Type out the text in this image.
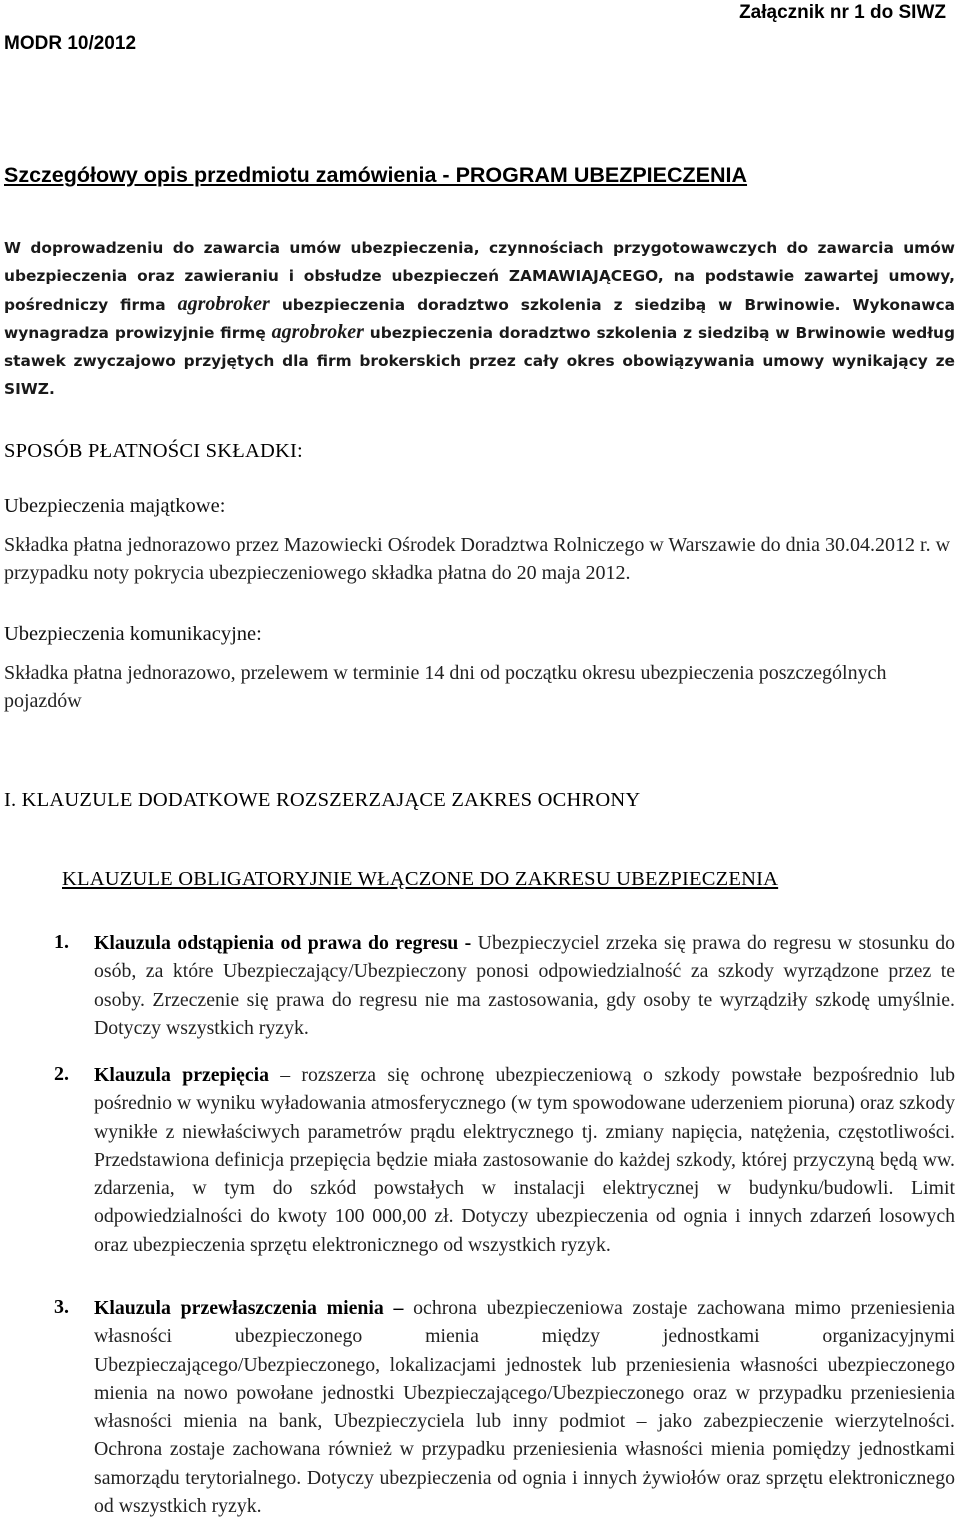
MODR 10/2012
Załącznik nr 1 do SIWZ
Szczegółowy opis przedmiotu zamówienia - PROGRAM UBEZPIECZENIA
W doprowadzeniu do zawarcia umów ubezpieczenia, czynnościach przygotowawczych do zawarcia umów ubezpieczenia oraz zawieraniu i obsłudze ubezpieczeń ZAMAWIAJĄCEGO, na podstawie zawartej umowy, pośredniczy firma agrobroker ubezpieczenia doradztwo szkolenia z siedzibą w Brwinowie. Wykonawca wynagradza prowizyjnie firmę agrobroker ubezpieczenia doradztwo szkolenia z siedzibą w Brwinowie według stawek zwyczajowo przyjętych dla firm brokerskich przez cały okres obowiązywania umowy wynikający ze SIWZ.
SPOSÓB PŁATNOŚCI SKŁADKI:
Ubezpieczenia majątkowe:
Składka płatna jednorazowo przez Mazowiecki Ośrodek Doradztwa Rolniczego w Warszawie do dnia 30.04.2012 r. w przypadku noty pokrycia ubezpieczeniowego składka płatna do 20 maja 2012.
Ubezpieczenia komunikacyjne:
Składka płatna jednorazowo, przelewem w terminie 14 dni od początku okresu ubezpieczenia poszczególnych pojazdów
I. KLAUZULE DODATKOWE ROZSZERZAJĄCE ZAKRES OCHRONY
KLAUZULE OBLIGATORYJNIE WŁĄCZONE DO ZAKRESU UBEZPIECZENIA
1. Klauzula odstąpienia od prawa do regresu - Ubezpieczyciel zrzeka się prawa do regresu w stosunku do osób, za które Ubezpieczający/Ubezpieczony ponosi odpowiedzialność za szkody wyrządzone przez te osoby. Zrzeczenie się prawa do regresu nie ma zastosowania, gdy osoby te wyrządziły szkodę umyślnie. Dotyczy wszystkich ryzyk.
2. Klauzula przepięcia – rozszerza się ochronę ubezpieczeniową o szkody powstałe bezpośrednio lub pośrednio w wyniku wyładowania atmosferycznego (w tym spowodowane uderzeniem pioruna) oraz szkody wynikłe z niewłaściwych parametrów prądu elektrycznego tj. zmiany napięcia, natężenia, częstotliwości. Przedstawiona definicja przepięcia będzie miała zastosowanie do każdej szkody, której przyczyną będą ww. zdarzenia, w tym do szkód powstałych w instalacji elektrycznej w budynku/budowli. Limit odpowiedzialności do kwoty 100 000,00 zł. Dotyczy ubezpieczenia od ognia i innych zdarzeń losowych oraz ubezpieczenia sprzętu elektronicznego od wszystkich ryzyk.
3. Klauzula przewłaszczenia mienia – ochrona ubezpieczeniowa zostaje zachowana mimo przeniesienia własności ubezpieczonego mienia między jednostkami organizacyjnymi Ubezpieczającego/Ubezpieczonego, lokalizacjami jednostek lub przeniesienia własności ubezpieczonego mienia na nowo powołane jednostki Ubezpieczającego/Ubezpieczonego oraz w przypadku przeniesienia własności mienia na bank, Ubezpieczyciela lub inny podmiot – jako zabezpieczenie wierzytelności. Ochrona zostaje zachowana również w przypadku przeniesienia własności mienia pomiędzy jednostkami samorządu terytorialnego. Dotyczy ubezpieczenia od ognia i innych żywiołów oraz sprzętu elektronicznego od wszystkich ryzyk.
